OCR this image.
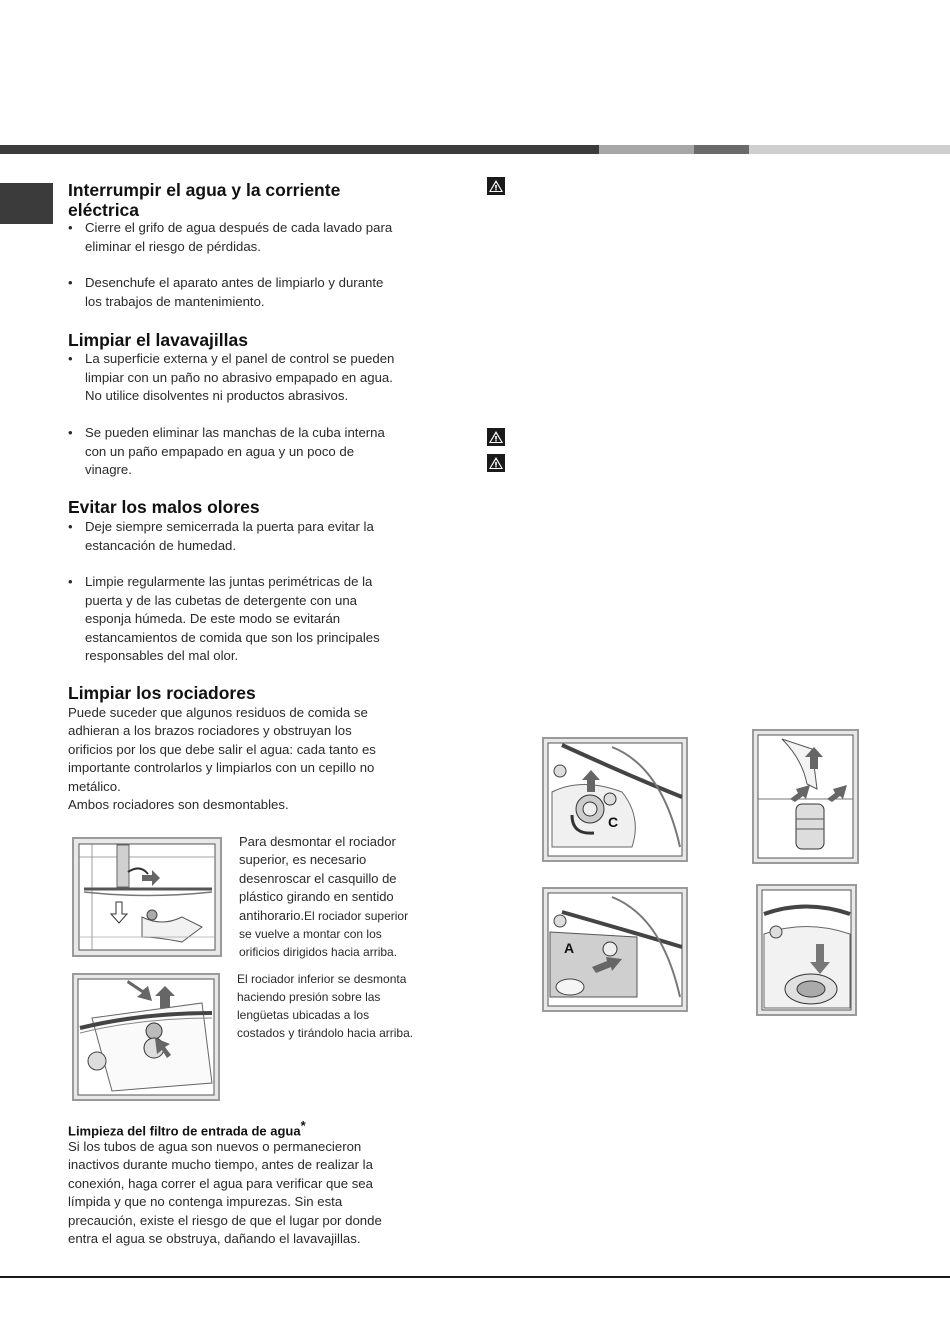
Interrumpir el agua y la corriente
eléctrica
• Cierre el grifo de agua después de cada lavado para
eliminar el riesgo de pérdidas.
• Desenchufe el aparato antes de limpiarlo y durante
los trabajos de mantenimiento.
Limpiar el lavavajillas
• La superficie externa y el panel de control se pueden
limpiar con un paño no abrasivo empapado en agua.
No utilice disolventes ni productos abrasivos.
• Se pueden eliminar las manchas de la cuba interna
con un paño empapado en agua y un poco de
vinagre.
Evitar los malos olores
• Deje siempre semicerrada la puerta para evitar la
estancación de humedad.
• Limpie regularmente las juntas perimétricas de la
puerta y de las cubetas de detergente con una
esponja húmeda. De este modo se evitarán
estancamientos de comida que son los principales
responsables del mal olor.
Limpiar los rociadores

Puede suceder que algunos residuos de comida se

adhieran a los brazos rociadores y obstruyan los

orificios por los que debe salir el agua: cada tanto es

importante controlarlos y limpiarlos con un cepillo no

metálico.

Ambos rociadores son desmontables.

Para desmontar el rociador
superior, es necesario
desenroscar el casquillo de
plástico girando en sentido
antihorario.El rociador superior
se vuelve a montar con los
orificios dirigidos hacia arriba.
El rociador inferior se desmonta
haciendo presión sobre las
lengüetas ubicadas a los
costados y tirándolo hacia arriba.
Limpieza del filtro de entrada de agua*

Si los tubos de agua son nuevos o permanecieron

inactivos durante mucho tiempo, antes de realizar la

conexión, haga correr el agua para verificar que sea

límpida y que no contenga impurezas. Sin esta

precaución, existe el riesgo de que el lugar por donde

entra el agua se obstruya, dañando el lavavajillas.

C
A
